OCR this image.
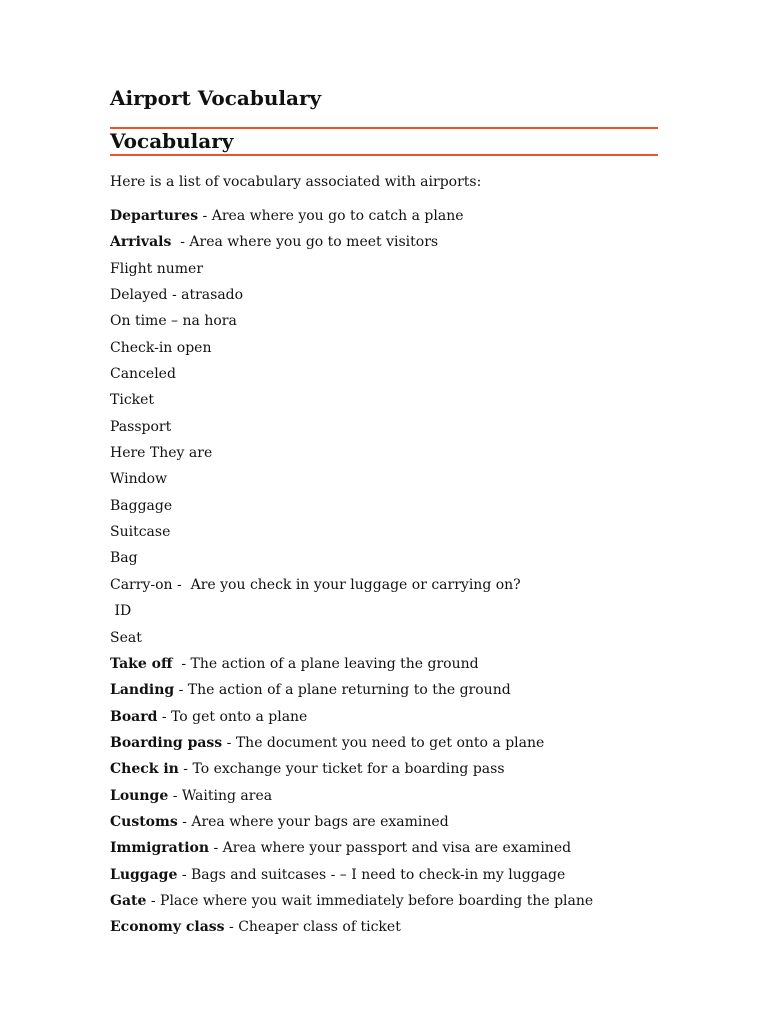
Airport Vocabulary
Vocabulary

Here is a list of vocabulary associated with airports:

Departures - Area where you go to catch a plane
Arrivals  - Area where you go to meet visitors
Flight numer
Delayed - atrasado
On time – na hora
Check-in open
Canceled
Ticket
Passport
Here They are
Window
Baggage
Suitcase
Bag
Carry-on -  Are you check in your luggage or carrying on?
ID
Seat
Take off  - The action of a plane leaving the ground
Landing - The action of a plane returning to the ground
Board - To get onto a plane
Boarding pass - The document you need to get onto a plane
Check in - To exchange your ticket for a boarding pass
Lounge - Waiting area
Customs - Area where your bags are examined
Immigration - Area where your passport and visa are examined
Luggage - Bags and suitcases - – I need to check-in my luggage
Gate - Place where you wait immediately before boarding the plane
Economy class - Cheaper class of ticket
